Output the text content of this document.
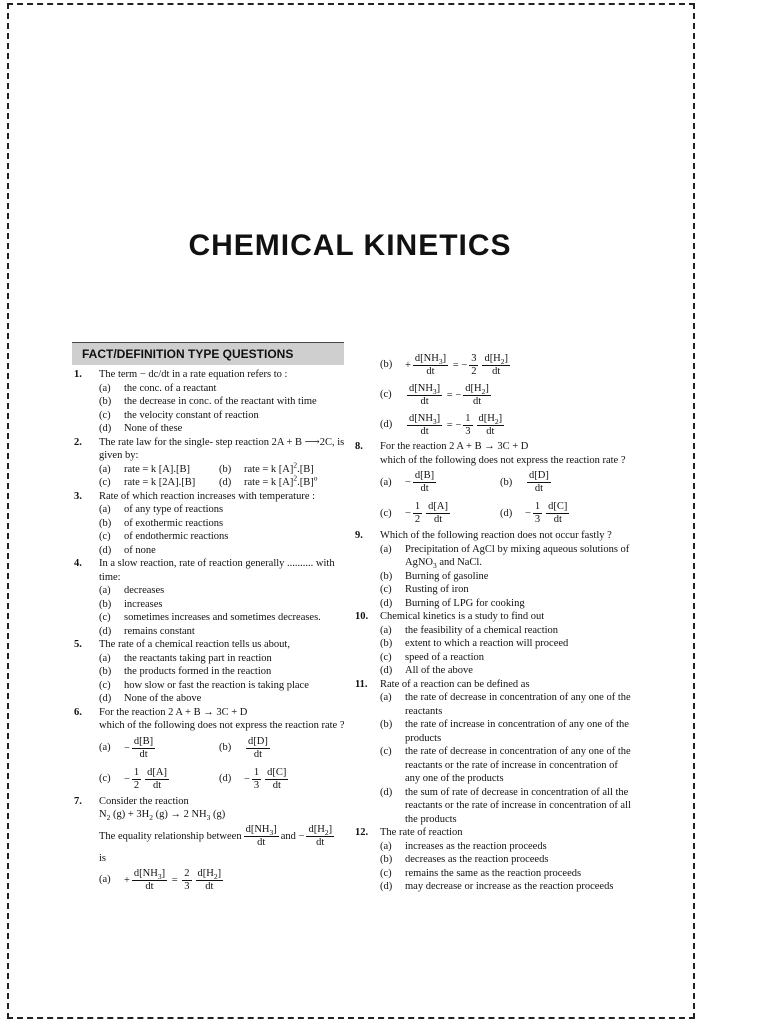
CHEMICAL KINETICS
FACT/DEFINITION TYPE QUESTIONS
1. The term − dc/dt in a rate equation refers to :
(a) the conc. of a reactant
(b) the decrease in conc. of the reactant with time
(c) the velocity constant of reaction
(d) None of these
2. The rate law for the single- step reaction 2A + B ⟶2C, is given by:
(a) rate = k [A].[B]	(b) rate = k $[A]^2.[B]$
(c) rate = k [2A].[B]	(d) rate = k $[A]^2.[B]^o$
3. Rate of which reaction increases with temperature :
(a) of any type of reactions
(b) of exothermic reactions
(c) of endothermic reactions
(d) of none
4. In a slow reaction, rate of reaction generally .......... with time:
(a) decreases
(b) increases
(c) sometimes increases and sometimes decreases.
(d) remains constant
5. The rate of a chemical reaction tells us about,
(a) the reactants taking part in reaction
(b) the products formed in the reaction
(c) how slow or fast the reaction is taking place
(d) None of the above
6. For the reaction 2 A + B → 3C + D
which of the following does not express the reaction rate ?
(a)	− $\frac{d[B]}{dt}$	(b)	$\frac{d[D]}{dt}$
(c)	− $\frac{1}{2} \frac{d[A]}{dt}$	(d)	− $\frac{1}{3} \frac{d[C]}{dt}$
7. Consider the reaction
$N_2$ $(g) + 3H_2$ (g) → 2 $NH_3$ (g)
The equality relationship between $\frac{d[NH_3]}{dt}$ and − $\frac{d[H_2]}{dt}$
is
(a)	+ $\frac{d[NH_3]}{dt} = \frac{2}{3} \frac{d[H_2]}{dt}$
(b)	+ $\frac{d[NH_3]}{dt}$ = − $\frac{3}{2} \frac{d[H_2]}{dt}$
(c)	$\frac{d[NH_3]}{dt}$ = − $\frac{d[H_2]}{dt}$
(d)	$\frac{d[NH_3]}{dt}$ = − $\frac{1}{3} \frac{d[H_2]}{dt}$
8. For the reaction 2 A + B → 3C + D
which of the following does not express the reaction rate ?
(a)	− $\frac{d[B]}{dt}$	(b)	$\frac{d[D]}{dt}$
(c)	− $\frac{1}{2} \frac{d[A]}{dt}$	(d)	− $\frac{1}{3} \frac{d[C]}{dt}$
9. Which of the following reaction does not occur fastly ?
(a) Precipitation of AgCl by mixing aqueous solutions of AgNO$_3$ and NaCl.
(b) Burning of gasoline
(c) Rusting of iron
(d) Burning of LPG for cooking
10. Chemical kinetics is a study to find out
(a) the feasibility of a chemical reaction
(b) extent to which a reaction will proceed
(c) speed of a reaction
(d) All of the above
11. Rate of a reaction can be defined as
(a) the rate of decrease in concentration of any one of the reactants
(b) the rate of increase in concentration of any one of the products
(c) the rate of decrease in concentration of any one of the reactants or the rate of increase in concentration of any one of the products
(d) the sum of rate of decrease in concentration of all the reactants or the rate of increase in concentration of all the products
12. The rate of reaction
(a) increases as the reaction proceeds
(b) decreases as the reaction proceeds
(c) remains the same as the reaction proceeds
(d) may decrease or increase as the reaction proceeds
